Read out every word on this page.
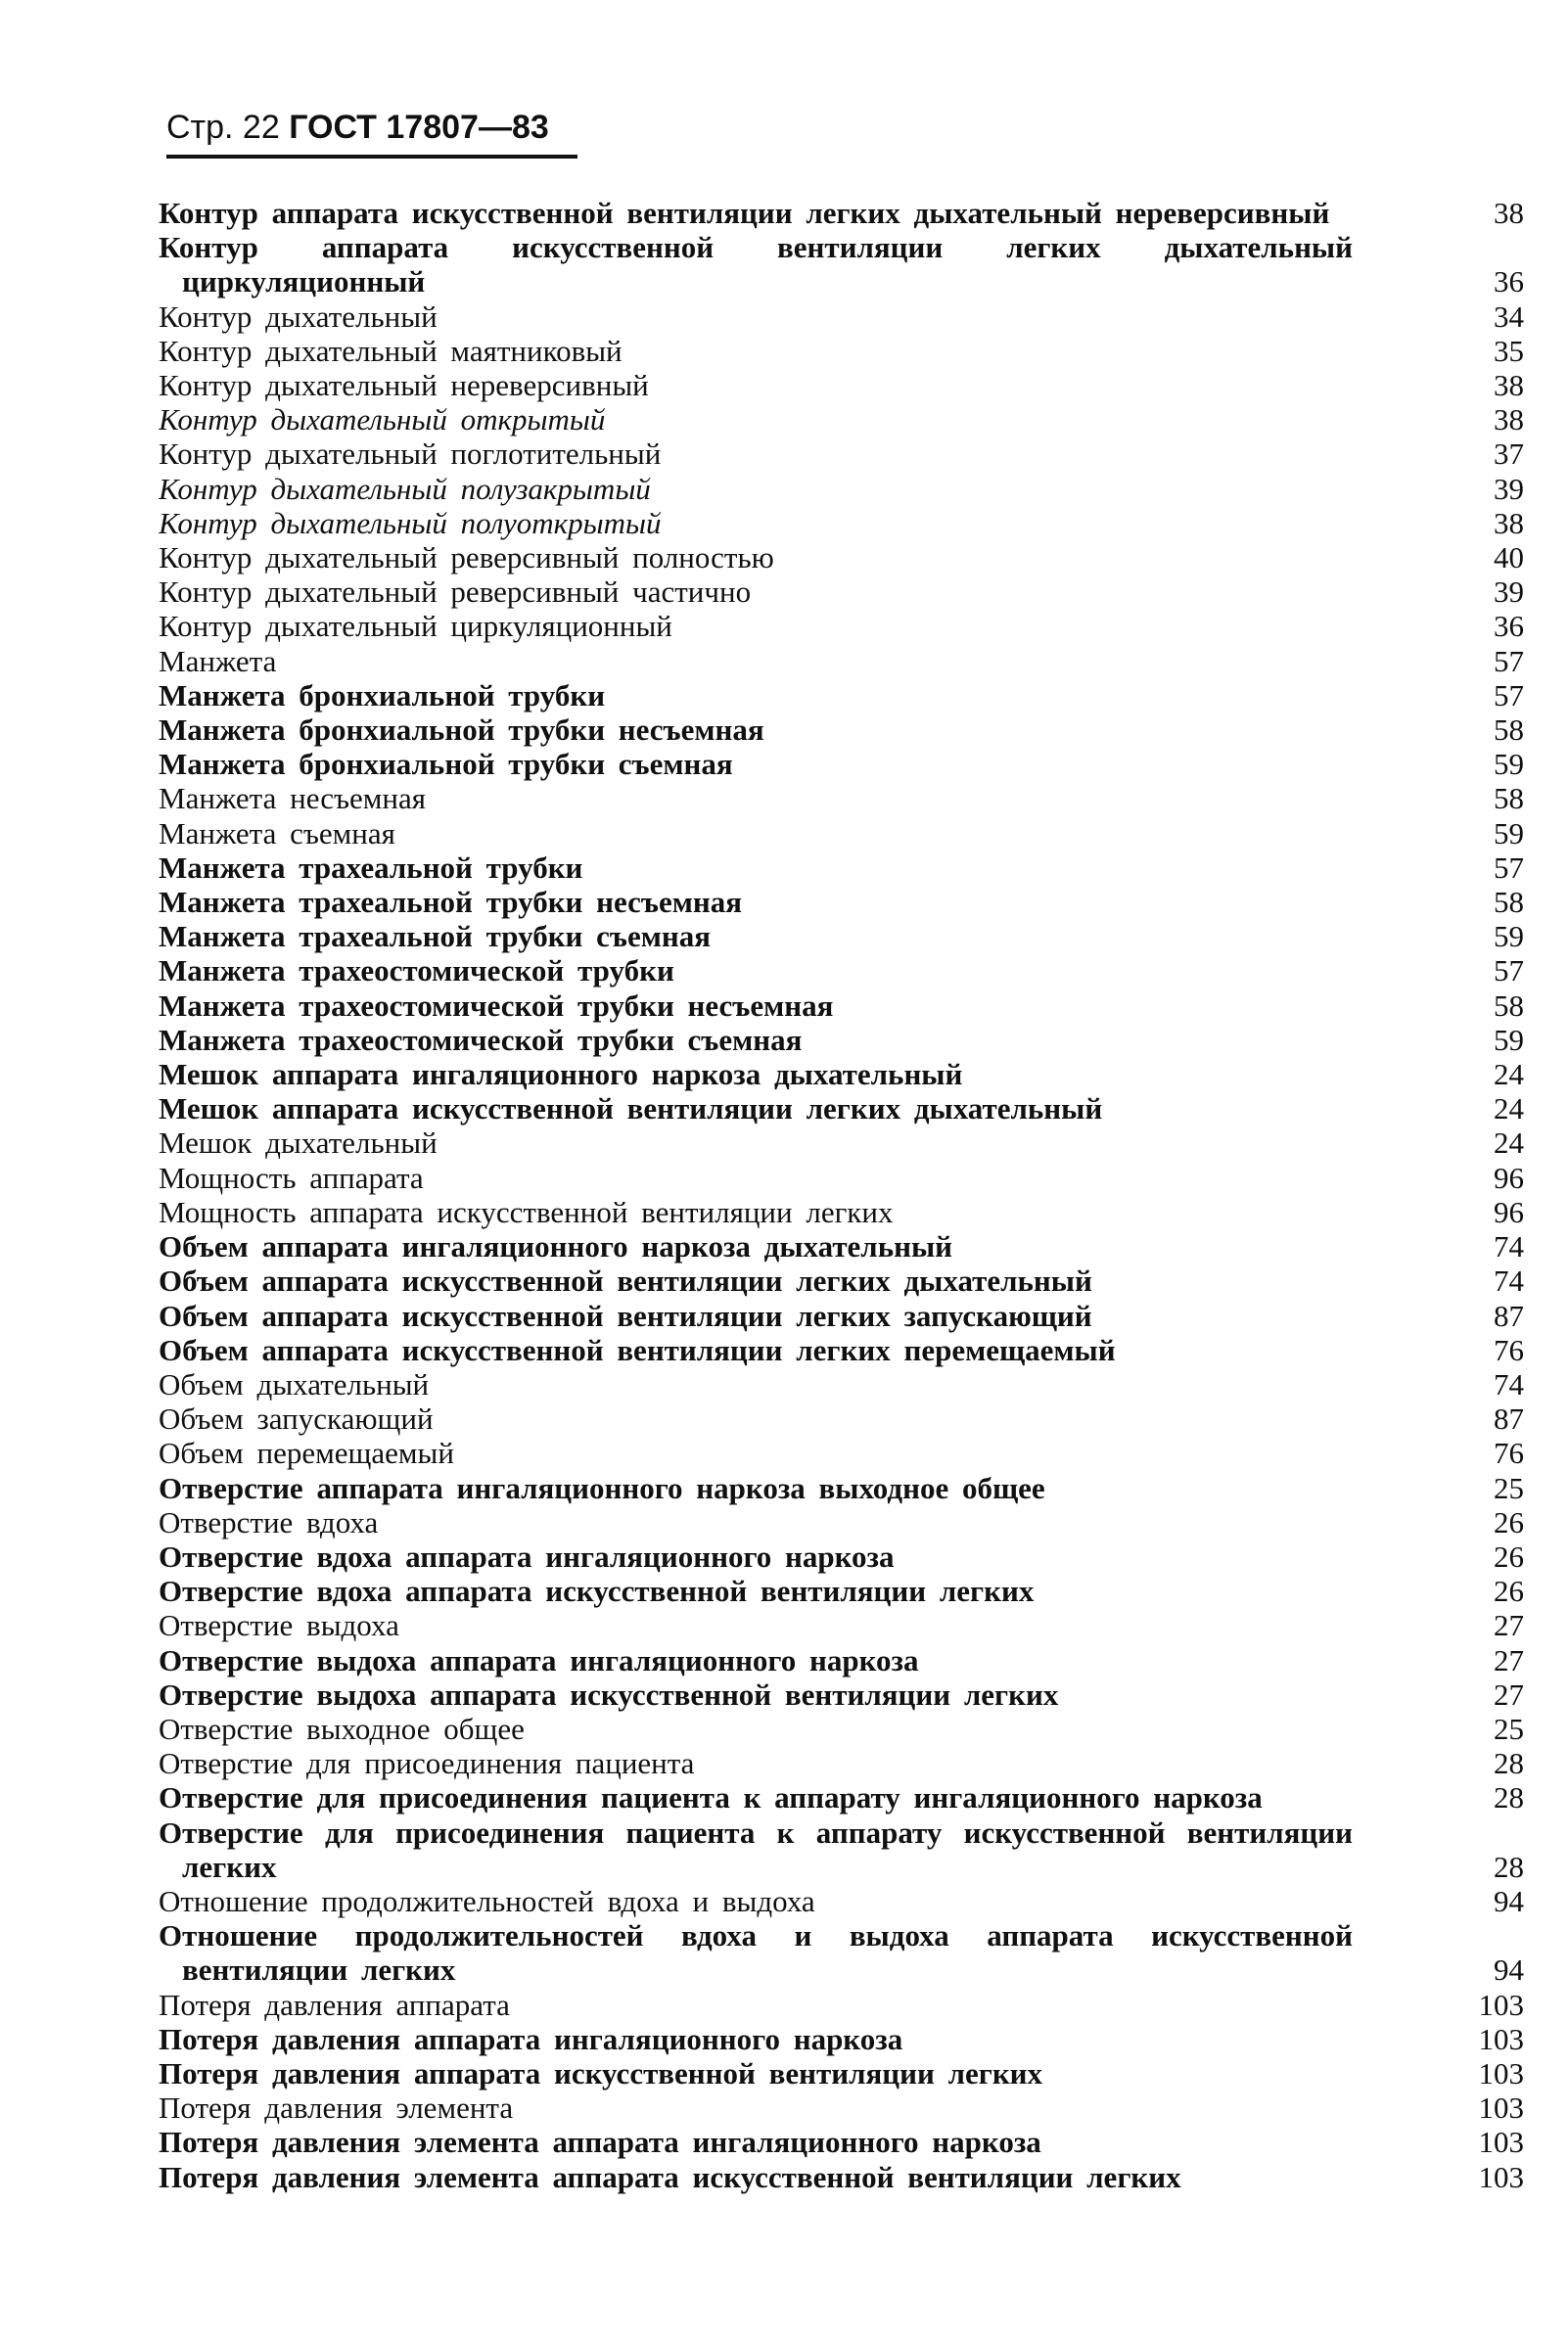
Стр. 22 ГОСТ 17807—83
Контур аппарата искусственной вентиляции легких дыхательный нереверсивный	38
Контур аппарата искусственной вентиляции легких дыхательный циркуляционный	36
Контур дыхательный	34
Контур дыхательный маятниковый	35
Контур дыхательный нереверсивный	38
Контур дыхательный открытый	38
Контур дыхательный поглотительный	37
Контур дыхательный полузакрытый	39
Контур дыхательный полуоткрытый	38
Контур дыхательный реверсивный полностью	40
Контур дыхательный реверсивный частично	39
Контур дыхательный циркуляционный	36
Манжета	57
Манжета бронхиальной трубки	57
Манжета бронхиальной трубки несъемная	58
Манжета бронхиальной трубки съемная	59
Манжета несъемная	58
Манжета съемная	59
Манжета трахеальной трубки	57
Манжета трахеальной трубки несъемная	58
Манжета трахеальной трубки съемная	59
Манжета трахеостомической трубки	57
Манжета трахеостомической трубки несъемная	58
Манжета трахеостомической трубки съемная	59
Мешок аппарата ингаляционного наркоза дыхательный	24
Мешок аппарата искусственной вентиляции легких дыхательный	24
Мешок дыхательный	24
Мощность аппарата	96
Мощность аппарата искусственной вентиляции легких	96
Объем аппарата ингаляционного наркоза дыхательный	74
Объем аппарата искусственной вентиляции легких дыхательный	74
Объем аппарата искусственной вентиляции легких запускающий	87
Объем аппарата искусственной вентиляции легких перемещаемый	76
Объем дыхательный	74
Объем запускающий	87
Объем перемещаемый	76
Отверстие аппарата ингаляционного наркоза выходное общее	25
Отверстие вдоха	26
Отверстие вдоха аппарата ингаляционного наркоза	26
Отверстие вдоха аппарата искусственной вентиляции легких	26
Отверстие выдоха	27
Отверстие выдоха аппарата ингаляционного наркоза	27
Отверстие выдоха аппарата искусственной вентиляции легких	27
Отверстие выходное общее	25
Отверстие для присоединения пациента	28
Отверстие для присоединения пациента к аппарату ингаляционного наркоза	28
Отверстие для присоединения пациента к аппарату искусственной вентиляции легких	28
Отношение продолжительностей вдоха и выдоха	94
Отношение продолжительностей вдоха и выдоха аппарата искусственной вентиляции легких	94
Потеря давления аппарата	103
Потеря давления аппарата ингаляционного наркоза	103
Потеря давления аппарата искусственной вентиляции легких	103
Потеря давления элемента	103
Потеря давления элемента аппарата ингаляционного наркоза	103
Потеря давления элемента аппарата искусственной вентиляции легких	103
